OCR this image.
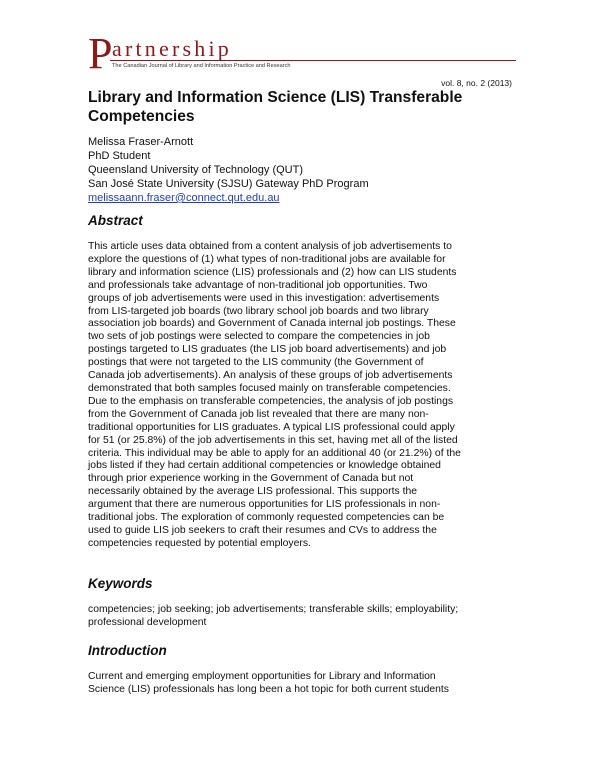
P artnership
The Canadian Journal of Library and Information Practice and Research
vol. 8, no. 2 (2013)
Library and Information Science (LIS) Transferable
Competencies
Melissa Fraser-Arnott
PhD Student
Queensland University of Technology (QUT)
San José State University (SJSU) Gateway PhD Program
melissaann.fraser@connect.qut.edu.au
Abstract

This article uses data obtained from a content analysis of job advertisements to
explore the questions of (1) what types of non-traditional jobs are available for
library and information science (LIS) professionals and (2) how can LIS students
and professionals take advantage of non-traditional job opportunities. Two
groups of job advertisements were used in this investigation: advertisements
from LIS-targeted job boards (two library school job boards and two library
association job boards) and Government of Canada internal job postings. These
two sets of job postings were selected to compare the competencies in job
postings targeted to LIS graduates (the LIS job board advertisements) and job
postings that were not targeted to the LIS community (the Government of
Canada job advertisements). An analysis of these groups of job advertisements
demonstrated that both samples focused mainly on transferable competencies.
Due to the emphasis on transferable competencies, the analysis of job postings
from the Government of Canada job list revealed that there are many non-
traditional opportunities for LIS graduates. A typical LIS professional could apply
for 51 (or 25.8%) of the job advertisements in this set, having met all of the listed
criteria. This individual may be able to apply for an additional 40 (or 21.2%) of the
jobs listed if they had certain additional competencies or knowledge obtained
through prior experience working in the Government of Canada but not
necessarily obtained by the average LIS professional. This supports the
argument that there are numerous opportunities for LIS professionals in non-
traditional jobs. The exploration of commonly requested competencies can be
used to guide LIS job seekers to craft their resumes and CVs to address the
competencies requested by potential employers.

Keywords

competencies; job seeking; job advertisements; transferable skills; employability;
professional development

Introduction

Current and emerging employment opportunities for Library and Information
Science (LIS) professionals has long been a hot topic for both current students
